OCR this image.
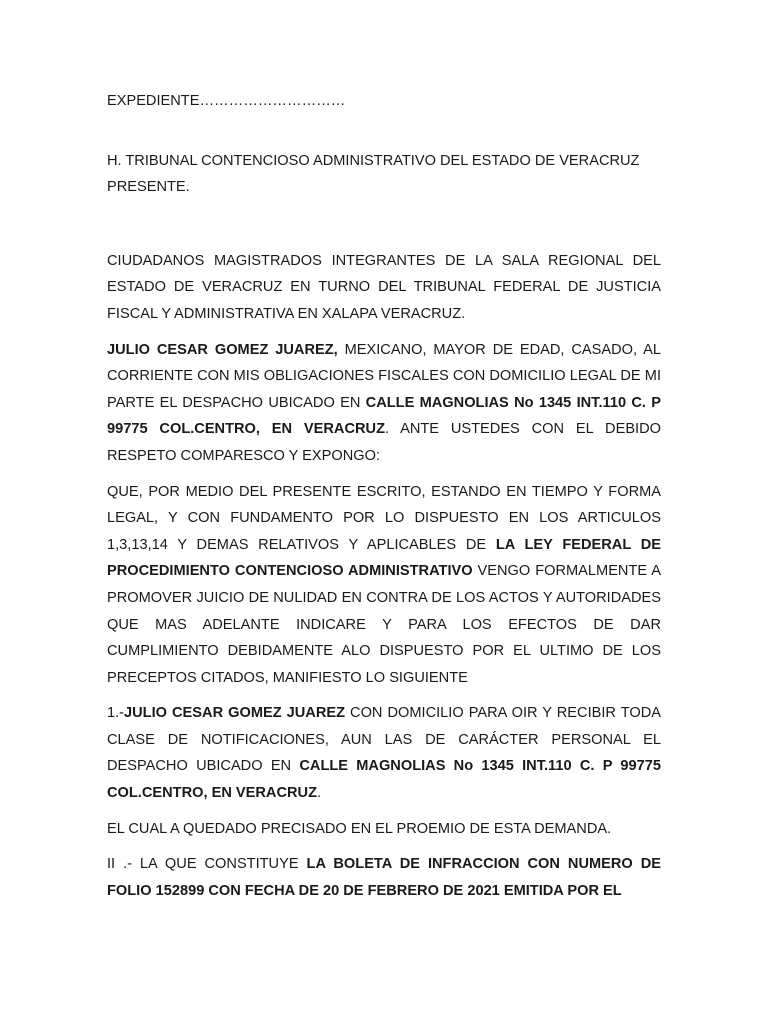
EXPEDIENTE…………………………

H. TRIBUNAL CONTENCIOSO ADMINISTRATIVO DEL ESTADO DE VERACRUZ

PRESENTE.

CIUDADANOS MAGISTRADOS INTEGRANTES DE LA SALA REGIONAL DEL ESTADO DE VERACRUZ EN TURNO DEL TRIBUNAL FEDERAL DE JUSTICIA FISCAL Y ADMINISTRATIVA EN XALAPA VERACRUZ.

JULIO CESAR GOMEZ JUAREZ, MEXICANO, MAYOR DE EDAD, CASADO, AL CORRIENTE CON MIS OBLIGACIONES FISCALES CON DOMICILIO LEGAL DE MI PARTE EL DESPACHO UBICADO EN CALLE MAGNOLIAS No 1345 INT.110 C. P 99775 COL.CENTRO, EN VERACRUZ. ANTE USTEDES CON EL DEBIDO RESPETO COMPARESCO Y EXPONGO:

QUE, POR MEDIO DEL PRESENTE ESCRITO, ESTANDO EN TIEMPO Y FORMA LEGAL, Y CON FUNDAMENTO POR LO DISPUESTO EN LOS ARTICULOS 1,3,13,14 Y DEMAS RELATIVOS Y APLICABLES DE LA LEY FEDERAL DE PROCEDIMIENTO CONTENCIOSO ADMINISTRATIVO VENGO FORMALMENTE A PROMOVER JUICIO DE NULIDAD EN CONTRA DE LOS ACTOS Y AUTORIDADES QUE MAS ADELANTE INDICARE Y PARA LOS EFECTOS DE DAR CUMPLIMIENTO DEBIDAMENTE ALO DISPUESTO POR EL ULTIMO DE LOS PRECEPTOS CITADOS, MANIFIESTO LO SIGUIENTE

1.-JULIO CESAR GOMEZ JUAREZ CON DOMICILIO PARA OIR Y RECIBIR TODA CLASE DE NOTIFICACIONES, AUN LAS DE CARÁCTER PERSONAL EL DESPACHO UBICADO EN CALLE MAGNOLIAS No 1345 INT.110 C. P 99775 COL.CENTRO, EN VERACRUZ.

EL CUAL A QUEDADO PRECISADO EN EL PROEMIO DE ESTA DEMANDA.

II .- LA QUE CONSTITUYE LA BOLETA DE INFRACCION CON NUMERO DE FOLIO 152899 CON FECHA DE 20 DE FEBRERO DE 2021 EMITIDA POR EL
